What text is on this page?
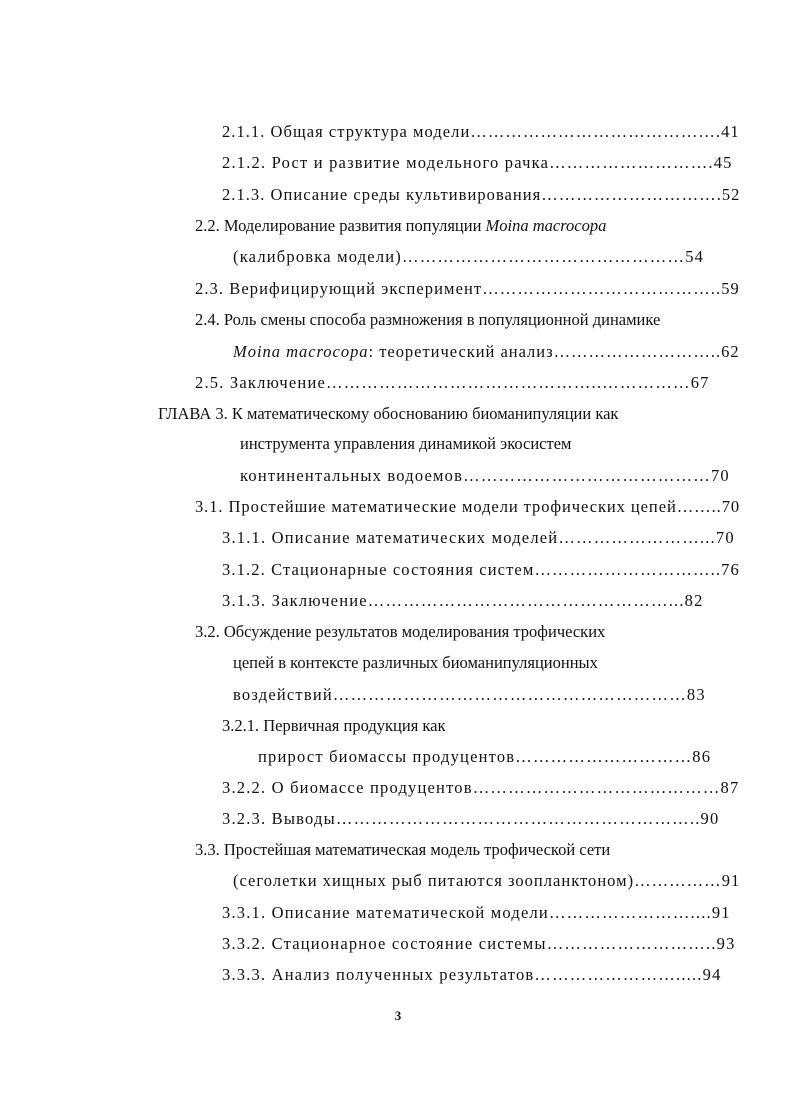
2.1.1. Общая структура модели…………………………………….41
2.1.2. Рост и развитие модельного рачка……………………….45
2.1.3. Описание среды культивирования………………………….52
2.2. Моделирование развития популяции Moina macrocopa
(калибровка модели)…………………………………………54
2.3. Верифицирующий эксперимент…………………………………..59
2.4. Роль смены способа размножения в популяционной динамике
Moina macrocopa: теоретический анализ………………………..62
2.5. Заключение………………………………………..……………67
ГЛАВА 3. К математическому обоснованию биоманипуляции как
инструмента управления динамикой экосистем
континентальных водоемов……………………………………70
3.1. Простейшие математические модели трофических цепей……..70
3.1.1. Описание математических моделей……………………...70
3.1.2. Стационарные состояния систем…………………………..76
3.1.3. Заключение……………………………………………...82
3.2. Обсуждение результатов моделирования трофических
цепей в контексте различных биоманипуляционных
воздействий……………………………………………………83
3.2.1. Первичная продукция как
прирост биомассы продуцентов…………………………86
3.2.2. О биомассе продуцентов……………………………………87
3.2.3. Выводы……………………………………………………..90
3.3. Простейшая математическая модель трофической сети
(сеголетки хищных рыб питаются зоопланктоном)……………91
3.3.1. Описание математической модели……………………....91
3.3.2. Стационарное состояние системы………………………..93
3.3.3. Анализ полученных результатов…………………….....94
3
